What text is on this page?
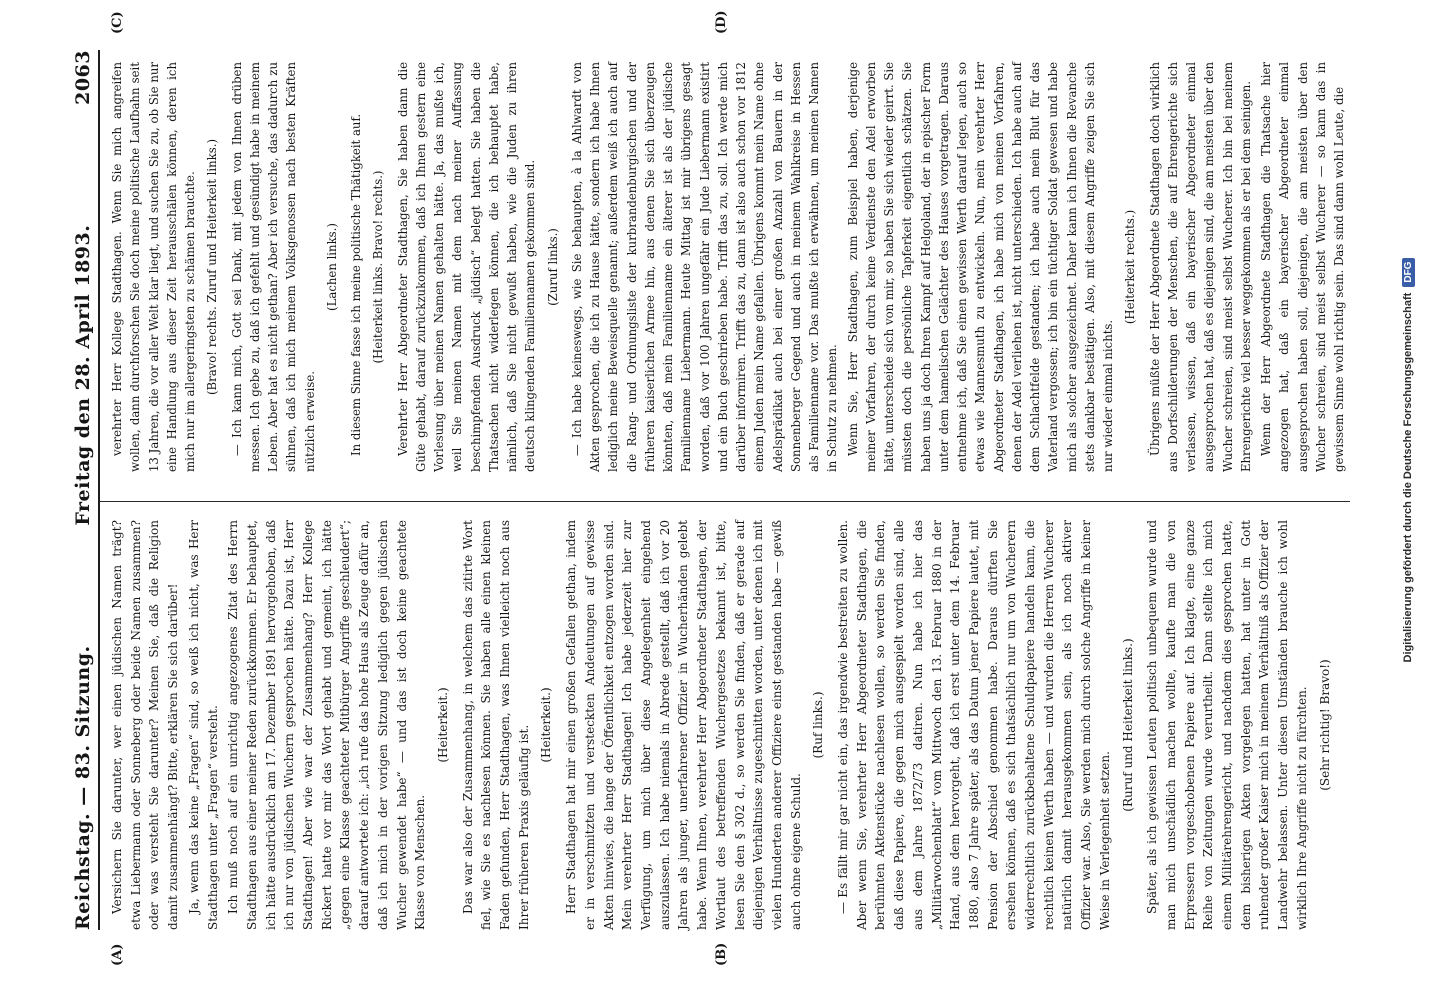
Reichstag. — 83. Sitzung.
Freitag den 28. April 1893.
2063
(A)	(B)
(C)	(D)

Versichern Sie darunter, wer einen jüdischen Namen trägt? etwa Liebermann oder Sonneberg oder beide Namen zusammen? oder was versteht Sie darunter? Meinen Sie, daß die Religion damit zusammenhängt? Bitte, erklären Sie sich darüber! Ja, wenn das keine „Fragen“ sind, so weiß ich nicht, was Herr Stadthagen unter „Fragen“ versteht. Ich muß noch auf ein unrichtig angezogenes Zitat des Herrn Stadthagen aus einer meiner Reden zurückkommen. Er behauptet, ich hätte ausdrücklich am 17. Dezember 1891 hervorgehoben, daß ich nur von jüdischen Wuchern gesprochen hätte. Dazu ist, Herr Stadthagen! Aber wie war der Zusammenhang? Herr Kollege Rickert hatte vor mir das Wort gehabt und gemeint, ich hätte „gegen eine Klasse geachteter Mitbürger Angriffe geschleudert“; darauf antwortete ich: „ich rufe das hohe Haus als Zeuge dafür an, daß ich mich in der vorigen Sitzung lediglich gegen jüdischen Wucher gewendet habe“ — und das ist doch keine geachtete Klasse von Menschen.

(Heiterkeit.) Das war also der Zusammenhang, in welchem das zitirte Wort fiel, wie Sie es nachlesen können. Sie haben alle einen kleinen Faden gefunden, Herr Stadthagen, was Ihnen vielleicht noch aus Ihrer früheren Praxis geläufig ist. (Heiterkeit.) Herr Stadthagen hat mir einen großen Gefallen gethan, indem er in verschmitzten und versteckten Andeutungen auf gewisse Akten hinwies, die lange der Öffentlichkeit entzogen worden sind. Mein verehrter Herr Stadthagen! Ich habe jederzeit hier zur Verfügung, um mich über diese Angelegenheit eingehend auszulassen. Ich habe niemals in Abrede gestellt, daß ich vor 20 Jahren als junger, unerfahrener Offizier in Wucherhänden gelebt habe. Wenn Ihnen, verehrter Herr Abgeordneter Stadthagen, der Wortlaut des betreffenden Wuchergesetzes bekannt ist, bitte, lesen Sie den § 302 d., so werden Sie finden, daß er gerade auf diejenigen Verhältnisse zugeschnitten worden, unter denen ich mit vielen Hunderten anderer Offiziere einst gestanden habe — gewiß auch ohne eigene Schuld.

(Ruf links.) — Es fällt mir gar nicht ein, das irgendwie bestreiten zu wollen. Aber wenn Sie, verehrter Herr Abgeordneter Stadthagen, die berühmten Aktenstücke nachlesen wollen, so werden Sie finden, daß diese Papiere, die gegen mich ausgespielt worden sind, alle aus dem Jahre 1872/73 datiren. Nun habe ich hier das „Militärwochenblatt“ vom Mittwoch den 13. Februar 1880 in der Hand, aus dem hervorgeht, daß ich erst unter dem 14. Februar 1880, also 7 Jahre später, als das Datum jener Papiere lautet, mit Pension der Abschied genommen habe. Daraus dürften Sie ersehen können, daß es sich thatsächlich nur um von Wucherern widerrechtlich zurückbehaltene Schuldpapiere handeln kann, die rechtlich keinen Werth haben — und wurden die Herren Wucherer natürlich damit herausgekommen sein, als ich noch aktiver Offizier war. Also, Sie werden mich durch solche Angriffe in keiner Weise in Verlegenheit setzen.

(Ruruf und Heiterkeit links.) Später, als ich gewissen Leuten politisch unbequem wurde und man mich unschädlich machen wollte, kaufte man die von Erpressern vorgeschobenen Papiere auf. Ich klagte, eine ganze Reihe von Zeitungen wurde verurtheilt. Dann stellte ich mich einem Militärehrengericht, und nachdem dies gesprochen hatte, dem bisherigen Akten vorgelegen hatten, hat unter in Gott ruhender großer Kaiser mich in meinem Verhältniß als Offizier der Landwehr belassen. Unter diesen Umständen brauche ich wohl wirklich Ihre Angriffe nicht zu fürchten. (Sehr richtig! Bravo!)

verehrter Herr Kollege Stadthagen. Wenn Sie mich angreifen wollen, dann durchforschen Sie doch meine politische Laufbahn seit 13 Jahren, die vor aller Welt klar liegt, und suchen Sie zu, ob Sie nur eine Handlung aus dieser Zeit herausschälen können, deren ich mich nur im allergeringsten zu schämen brauchte. (Bravo! rechts. Zuruf und Heiterkeit links.) — Ich kann mich, Gott sei Dank, mit jedem von Ihnen drüben messen. Ich gebe zu, daß ich gefehlt und gesündigt habe in meinem Leben. Aber hat es nicht gethan? Aber ich versuche, das dadurch zu sühnen, daß ich mich meinem Volksgenossen nach besten Kräften nützlich erweise.

(Lachen links.) In diesem Sinne fasse ich meine politische Thätigkeit auf. (Heiterkeit links. Bravo! rechts.) Verehrter Herr Abgeordneter Stadthagen, Sie haben dann die Güte gehabt, darauf zurückzukommen, daß ich Ihnen gestern eine Vorlesung über meinen Namen gehalten hätte. Ja, das mußte ich, weil Sie meinen Namen mit dem nach meiner Auffassung beschimpfenden Ausdruck „jüdisch“ belegt hatten. Sie haben die Thatsachen nicht widerlegen können, die ich behauptet habe, nämlich, daß Sie nicht gewußt haben, wie die Juden zu ihren deutsch klingenden Familiennamen gekommen sind. (Zuruf links.) — Ich habe keineswegs, wie Sie behaupten, à la Ahlwardt von Akten gesprochen, die ich zu Hause hätte, sondern ich habe Ihnen lediglich meine Beweisquelle genannt; außerdem weiß ich auch auf die Rang- und Ordnungsliste der kurbrandenburgischen und der früheren kaiserlichen Armee hin, aus denen Sie sich überzeugen könnten, daß mein Familienname ein älterer ist als der jüdische Familienname Liebermann. Heute Mittag ist mir übrigens gesagt worden, daß vor 100 Jahren ungefähr ein Jude Liebermann existirt und ein Buch geschrieben habe. Trifft das zu, soll. Ich werde mich darüber informiren. Trifft das zu, dann ist also auch schon vor 1812 einem Juden mein Name gefallen. Übrigens kommt mein Name ohne Adelsprädikat auch bei einer großen Anzahl von Bauern in der Sonnenberger Gegend und auch in meinem Wahlkreise in Hessen als Familienname vor. Das mußte ich erwähnen, um meinen Namen in Schutz zu nehmen. Wenn Sie, Herr Stadthagen, zum Beispiel haben, derjenige meiner Vorfahren, der durch keine Verdienste den Adel erworben hätte, unterscheide sich von mir, so haben Sie sich wieder geirrt. Sie müssten doch die persönliche Tapferkeit eigentlich schätzen. Sie haben uns ja doch Ihren Kampf auf Helgoland, der in epischer Form unter dem hamelischen Gelächter des Hauses vorgetragen. Daraus entnehme ich, daß Sie einen gewissen Werth darauf legen, auch so etwas wie Mannesmuth zu entwickeln. Nun, mein verehrter Herr Abgeordneter Stadthagen, ich habe mich von meinen Vorfahren, denen der Adel verliehen ist, nicht unterschieden. Ich habe auch auf dem Schlachtfelde gestanden; ich habe auch mein Blut für das Vaterland vergossen; ich bin ein tüchtiger Soldat gewesen und habe mich als solcher ausgezeichnet. Daher kann ich Ihnen die Revanche stets dankbar bestätigen. Also, mit diesem Angriffe zeigen Sie sich nur wieder einmal nichts.

(Heiterkeit rechts.) Übrigens müßte der Herr Abgeordnete Stadthagen doch wirklich aus Dorfschilderungen der Menschen, die auf Ehrengerichte sich verlassen, wissen, daß ein bayerischer Abgeordneter einmal ausgesprochen hat, daß es diejenigen sind, die am meisten über den Wucher schreien, sind meist selbst Wucherer. Ich bin bei meinem Ehrengerichte viel besser weggekommen als er bei dem seinigen. Wenn der Herr Abgeordnete Stadthagen die Thatsache hier angezogen hat, daß ein bayerischer Abgeordneter einmal ausgesprochen haben soll, diejenigen, die am meisten über den Wucher schreien, sind meist selbst Wucherer — so kann das in gewissem Sinne wohl richtig sein. Das sind dann wohl Leute, die

Digitalisierung gefördert durch die Deutsche Forschungsgemeinschaft
DFG
